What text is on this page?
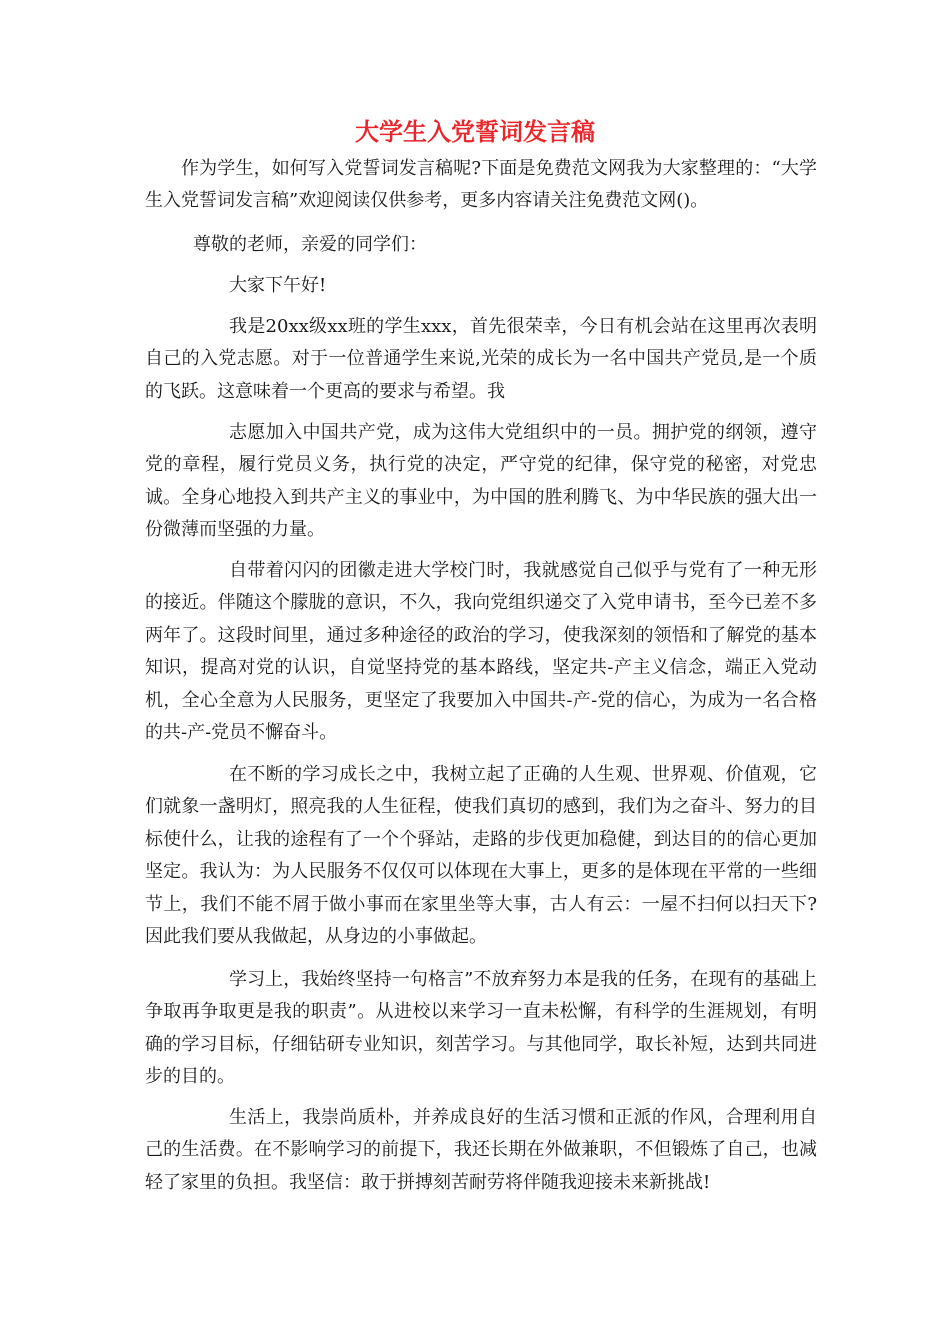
大学生入党誓词发言稿

作为学生，如何写入党誓词发言稿呢?下面是免费范文网我为大家整理的：“大学生入党誓词发言稿”欢迎阅读仅供参考，更多内容请关注免费范文网()。

尊敬的老师，亲爱的同学们：

大家下午好!

我是20xx级xx班的学生xxx，首先很荣幸，今日有机会站在这里再次表明自己的入党志愿。对于一位普通学生来说,光荣的成长为一名中国共产党员,是一个质的飞跃。这意味着一个更高的要求与希望。我

志愿加入中国共产党，成为这伟大党组织中的一员。拥护党的纲领，遵守党的章程，履行党员义务，执行党的决定，严守党的纪律，保守党的秘密，对党忠诚。全身心地投入到共产主义的事业中，为中国的胜利腾飞、为中华民族的强大出一份微薄而坚强的力量。

自带着闪闪的团徽走进大学校门时，我就感觉自己似乎与党有了一种无形的接近。伴随这个朦胧的意识，不久，我向党组织递交了入党申请书，至今已差不多两年了。这段时间里，通过多种途径的政治的学习，使我深刻的领悟和了解党的基本知识，提高对党的认识，自觉坚持党的基本路线，坚定共-产主义信念，端正入党动机，全心全意为人民服务，更坚定了我要加入中国共-产-党的信心，为成为一名合格的共-产-党员不懈奋斗。

在不断的学习成长之中，我树立起了正确的人生观、世界观、价值观，它们就象一盏明灯，照亮我的人生征程，使我们真切的感到，我们为之奋斗、努力的目标使什么，让我的途程有了一个个驿站，走路的步伐更加稳健，到达目的的信心更加坚定。我认为：为人民服务不仅仅可以体现在大事上，更多的是体现在平常的一些细节上，我们不能不屑于做小事而在家里坐等大事，古人有云：一屋不扫何以扫天下?因此我们要从我做起，从身边的小事做起。

学习上，我始终坚持一句格言”不放弃努力本是我的任务，在现有的基础上争取再争取更是我的职责”。从进校以来学习一直未松懈，有科学的生涯规划，有明确的学习目标，仔细钻研专业知识，刻苦学习。与其他同学，取长补短，达到共同进步的目的。

生活上，我崇尚质朴，并养成良好的生活习惯和正派的作风，合理利用自己的生活费。在不影响学习的前提下，我还长期在外做兼职，不但锻炼了自己，也减轻了家里的负担。我坚信：敢于拼搏刻苦耐劳将伴随我迎接未来新挑战!
